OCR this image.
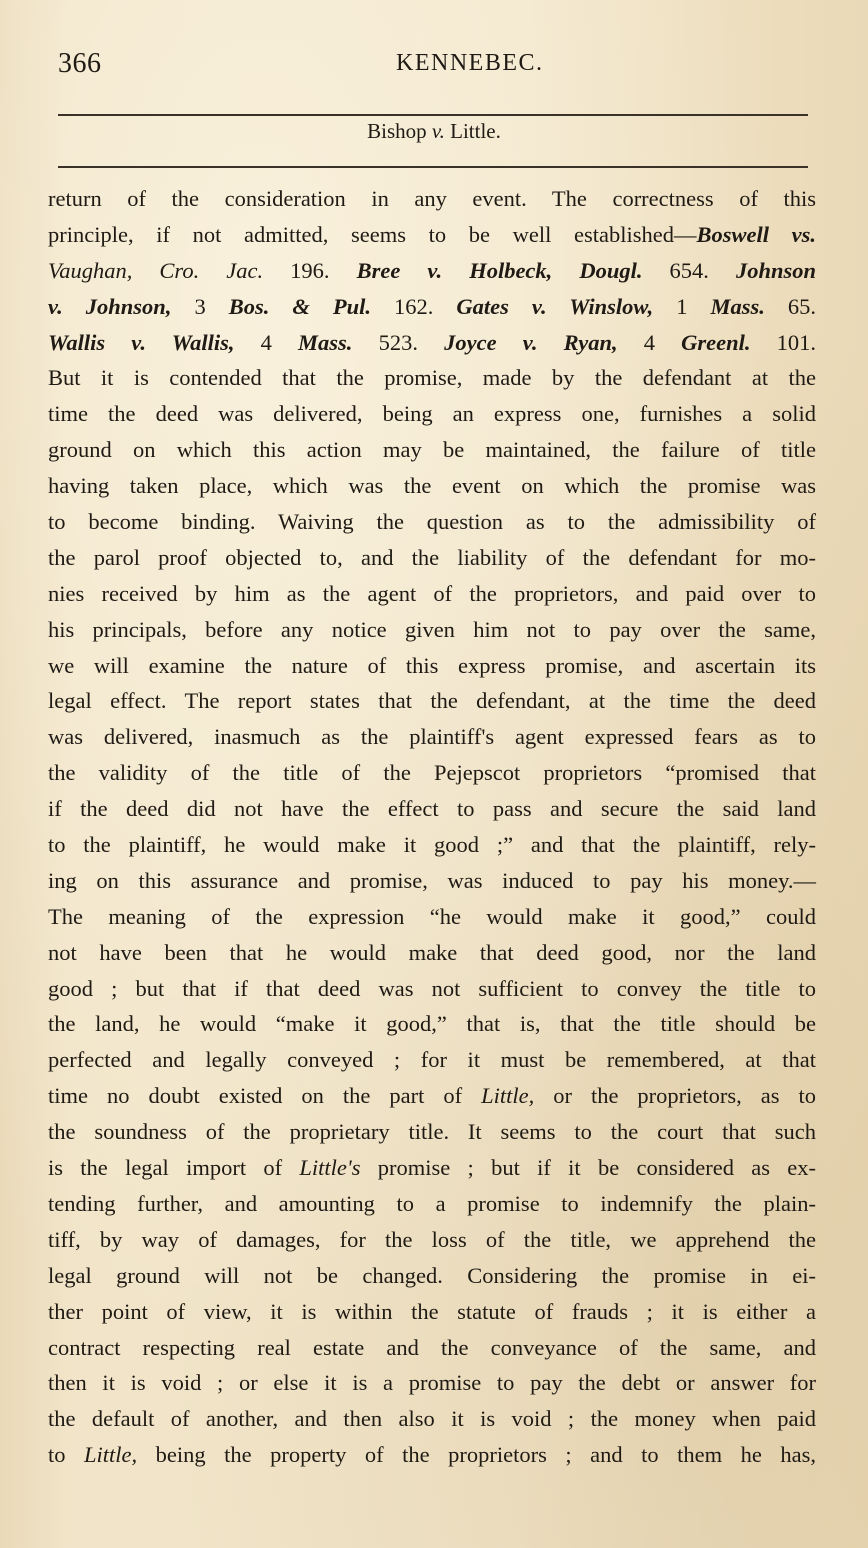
366	KENNEBEC.
Bishop v. Little.
return of the consideration in any event. The correctness of this
principle, if not admitted, seems to be well established—Boswell vs.
Vaughan, Cro. Jac. 196. Bree v. Holbeck, Dougl. 654. Johnson
v. Johnson, 3 Bos. & Pul. 162. Gates v. Winslow, 1 Mass. 65.
Wallis v. Wallis, 4 Mass. 523. Joyce v. Ryan, 4 Greenl. 101.
But it is contended that the promise, made by the defendant at the
time the deed was delivered, being an express one, furnishes a solid
ground on which this action may be maintained, the failure of title
having taken place, which was the event on which the promise was
to become binding. Waiving the question as to the admissibility of
the parol proof objected to, and the liability of the defendant for mo-
nies received by him as the agent of the proprietors, and paid over to
his principals, before any notice given him not to pay over the same,
we will examine the nature of this express promise, and ascertain its
legal effect. The report states that the defendant, at the time the deed
was delivered, inasmuch as the plaintiff's agent expressed fears as to
the validity of the title of the Pejepscot proprietors “promised that
if the deed did not have the effect to pass and secure the said land
to the plaintiff, he would make it good ;” and that the plaintiff, rely-
ing on this assurance and promise, was induced to pay his money.—
The meaning of the expression “he would make it good,” could
not have been that he would make that deed good, nor the land
good ; but that if that deed was not sufficient to convey the title to
the land, he would “make it good,” that is, that the title should be
perfected and legally conveyed ; for it must be remembered, at that
time no doubt existed on the part of Little, or the proprietors, as to
the soundness of the proprietary title. It seems to the court that such
is the legal import of Little's promise ; but if it be considered as ex-
tending further, and amounting to a promise to indemnify the plain-
tiff, by way of damages, for the loss of the title, we apprehend the
legal ground will not be changed. Considering the promise in ei-
ther point of view, it is within the statute of frauds ; it is either a
contract respecting real estate and the conveyance of the same, and
then it is void ; or else it is a promise to pay the debt or answer for
the default of another, and then also it is void ; the money when paid
to Little, being the property of the proprietors ; and to them he has,
